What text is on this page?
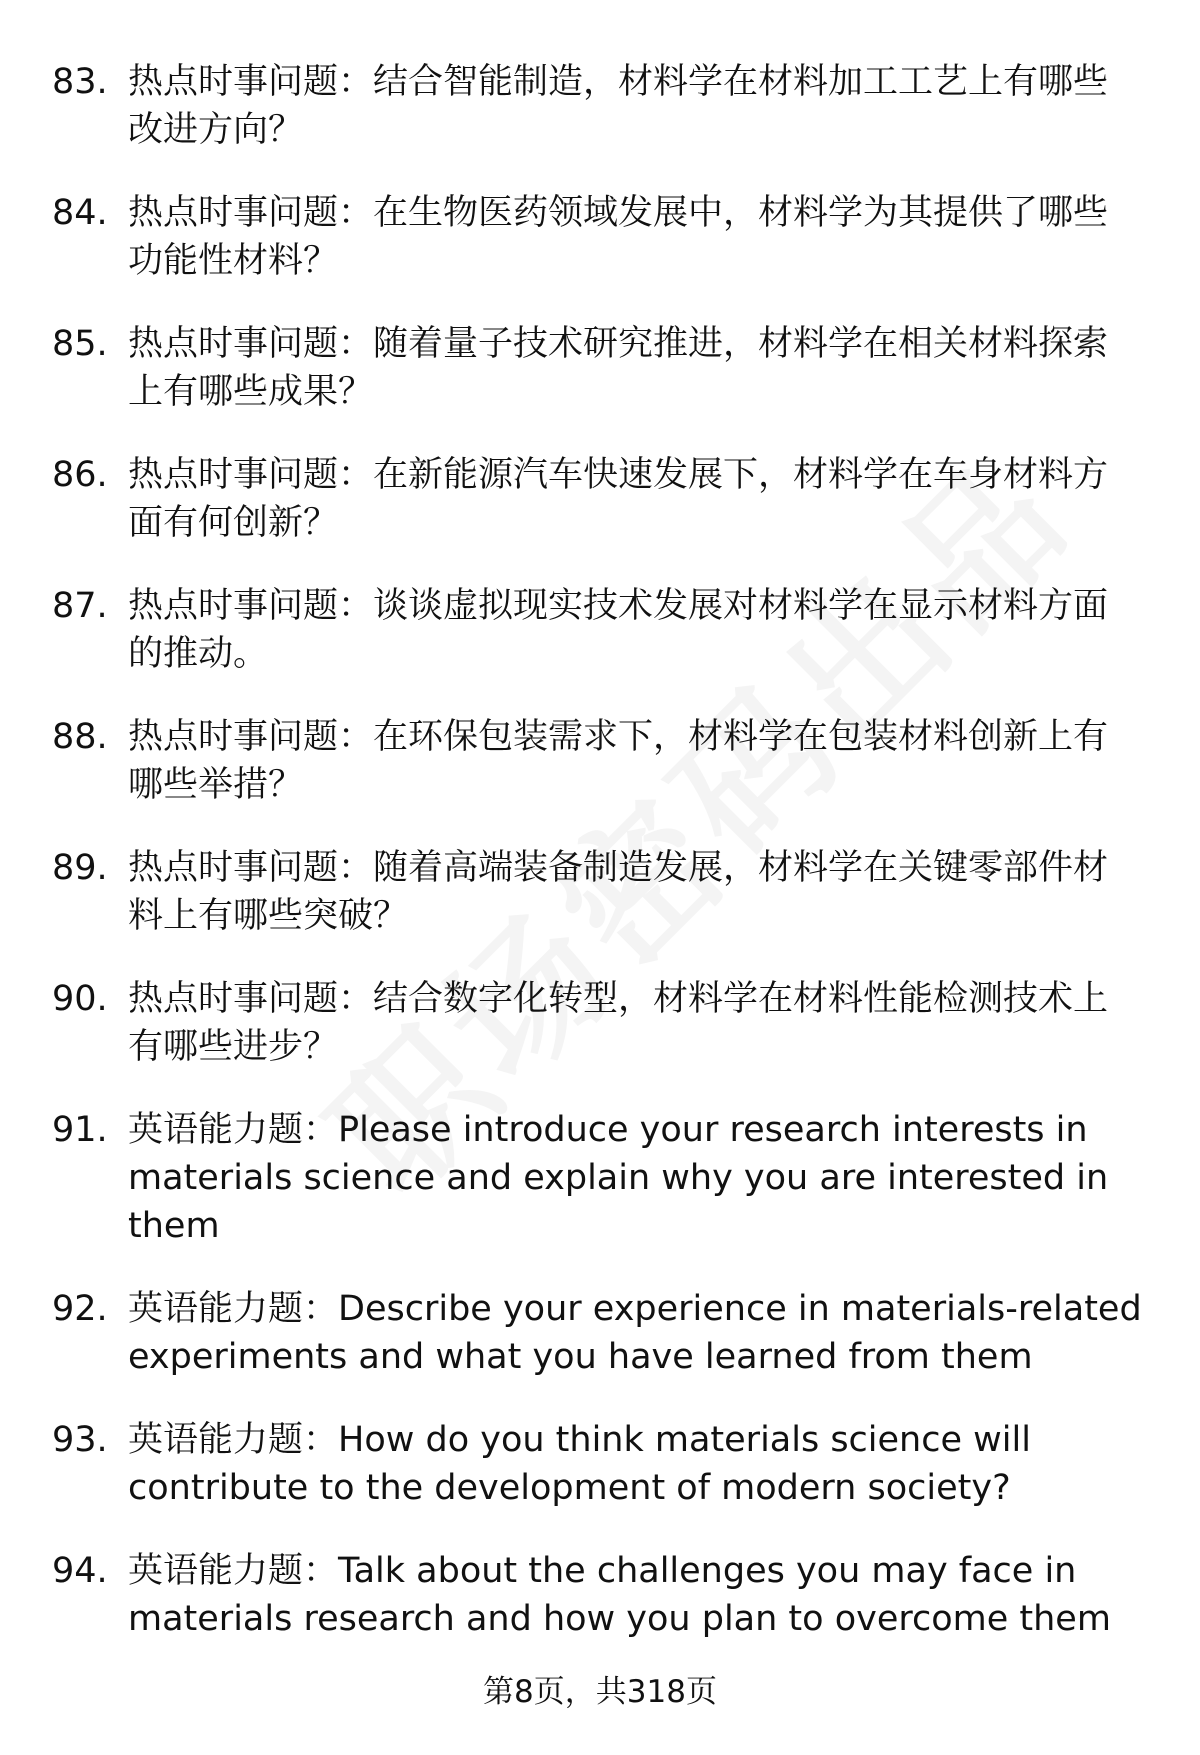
83. 热点时事问题：结合智能制造，材料学在材料加工工艺上有哪些改进方向？
84. 热点时事问题：在生物医药领域发展中，材料学为其提供了哪些功能性材料？
85. 热点时事问题：随着量子技术研究推进，材料学在相关材料探索上有哪些成果？
86. 热点时事问题：在新能源汽车快速发展下，材料学在车身材料方面有何创新？
87. 热点时事问题：谈谈虚拟现实技术发展对材料学在显示材料方面的推动。
88. 热点时事问题：在环保包装需求下，材料学在包装材料创新上有哪些举措？
89. 热点时事问题：随着高端装备制造发展，材料学在关键零部件材料上有哪些突破？
90. 热点时事问题：结合数字化转型，材料学在材料性能检测技术上有哪些进步？
91. 英语能力题：Please introduce your research interests in materials science and explain why you are interested in them
92. 英语能力题：Describe your experience in materials-related experiments and what you have learned from them
93. 英语能力题：How do you think materials science will contribute to the development of modern society?
94. 英语能力题：Talk about the challenges you may face in materials research and how you plan to overcome them
第8页，共318页
